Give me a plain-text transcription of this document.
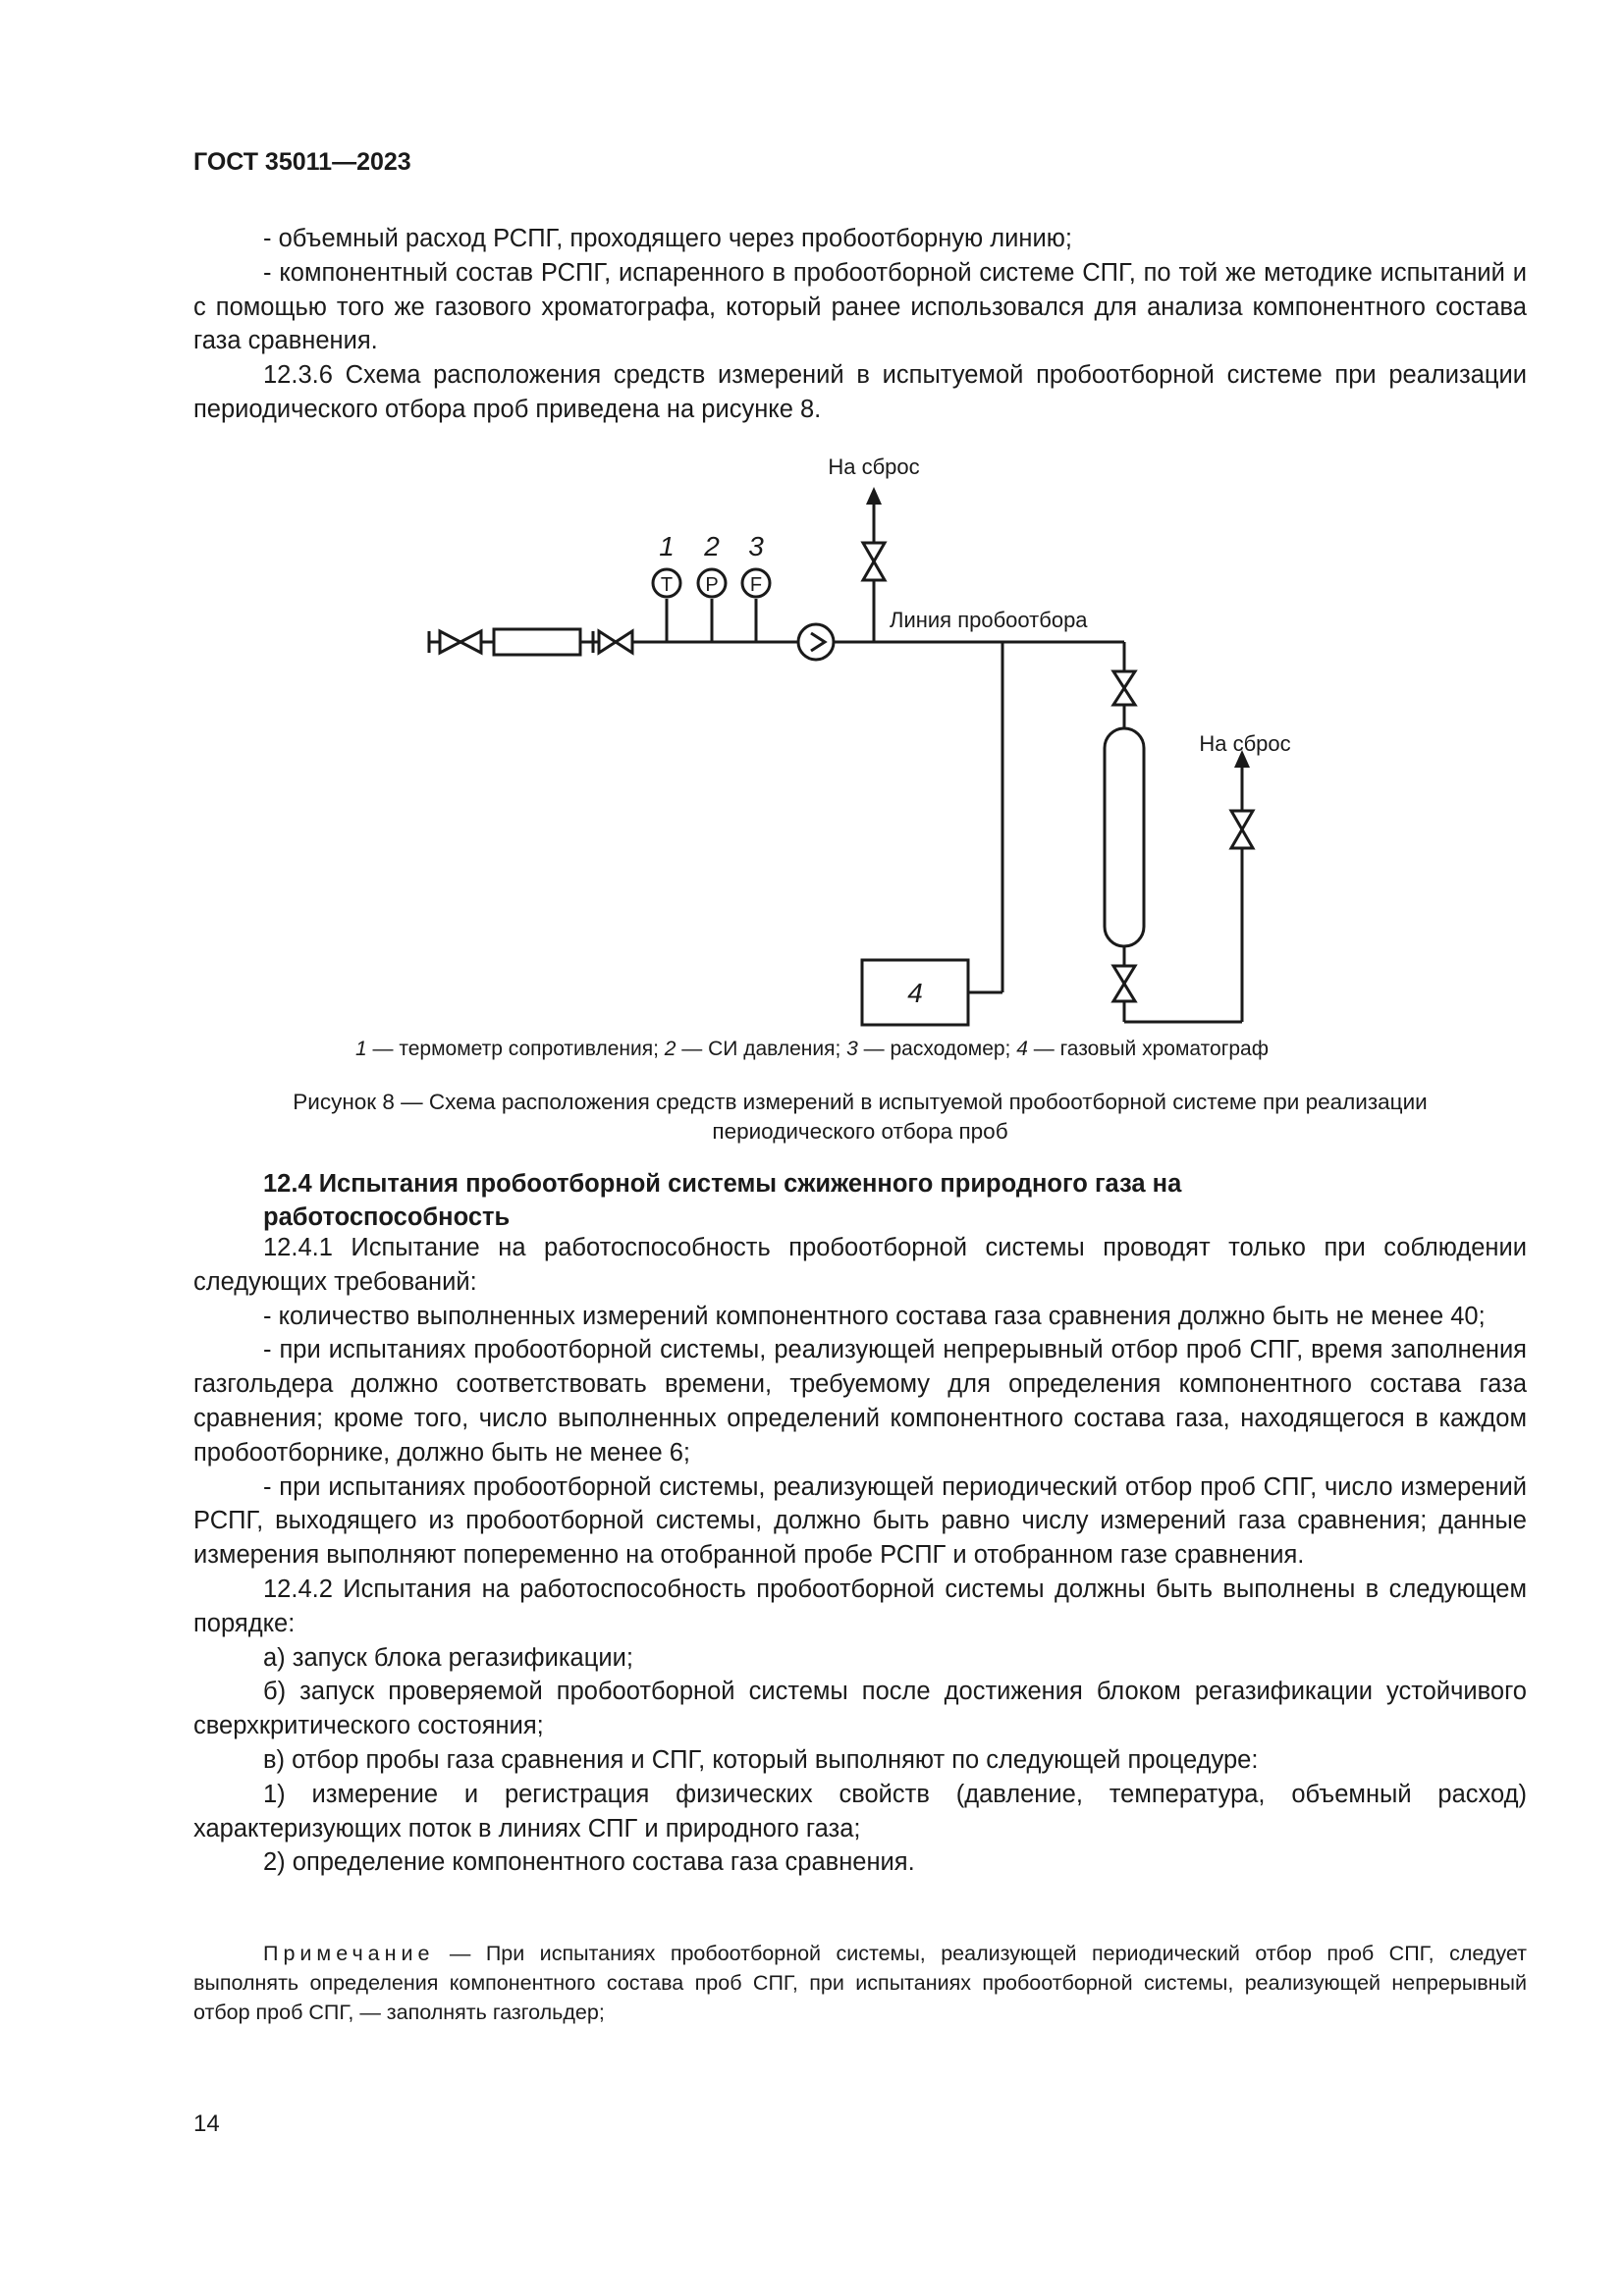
ГОСТ 35011—2023

- объемный расход РСПГ, проходящего через пробоотборную линию;

- компонентный состав РСПГ, испаренного в пробоотборной системе СПГ, по той же методике испытаний и с помощью того же газового хроматографа, который ранее использовался для анализа компонентного состава газа сравнения.

12.3.6 Схема расположения средств измерений в испытуемой пробоотборной системе при реализации периодического отбора проб приведена на рисунке 8.

T P F
1 2 3
На сброс
Линия пробоотбора
На сброс
4
1 — термометр сопротивления; 2 — СИ давления; 3 — расходомер; 4 — газовый хроматограф
Рисунок 8 — Схема расположения средств измерений в испытуемой пробоотборной системе при реализации
периодического отбора проб
12.4 Испытания пробоотборной системы сжиженного природного газа на работоспособность

12.4.1 Испытание на работоспособность пробоотборной системы проводят только при соблюдении следующих требований:

- количество выполненных измерений компонентного состава газа сравнения должно быть не менее 40;

- при испытаниях пробоотборной системы, реализующей непрерывный отбор проб СПГ, время заполнения газгольдера должно соответствовать времени, требуемому для определения компонентного состава газа сравнения; кроме того, число выполненных определений компонентного состава газа, находящегося в каждом пробоотборнике, должно быть не менее 6;

- при испытаниях пробоотборной системы, реализующей периодический отбор проб СПГ, число измерений РСПГ, выходящего из пробоотборной системы, должно быть равно числу измерений газа сравнения; данные измерения выполняют попеременно на отобранной пробе РСПГ и отобранном газе сравнения.

12.4.2 Испытания на работоспособность пробоотборной системы должны быть выполнены в следующем порядке:

а) запуск блока регазификации;

б) запуск проверяемой пробоотборной системы после достижения блоком регазификации устойчивого сверхкритического состояния;

в) отбор пробы газа сравнения и СПГ, который выполняют по следующей процедуре:

1) измерение и регистрация физических свойств (давление, температура, объемный расход) характеризующих поток в линиях СПГ и природного газа;

2) определение компонентного состава газа сравнения.

Примечание — При испытаниях пробоотборной системы, реализующей периодический отбор проб СПГ, следует выполнять определения компонентного состава проб СПГ, при испытаниях пробоотборной системы, реализующей непрерывный отбор проб СПГ, — заполнять газгольдер;

14
